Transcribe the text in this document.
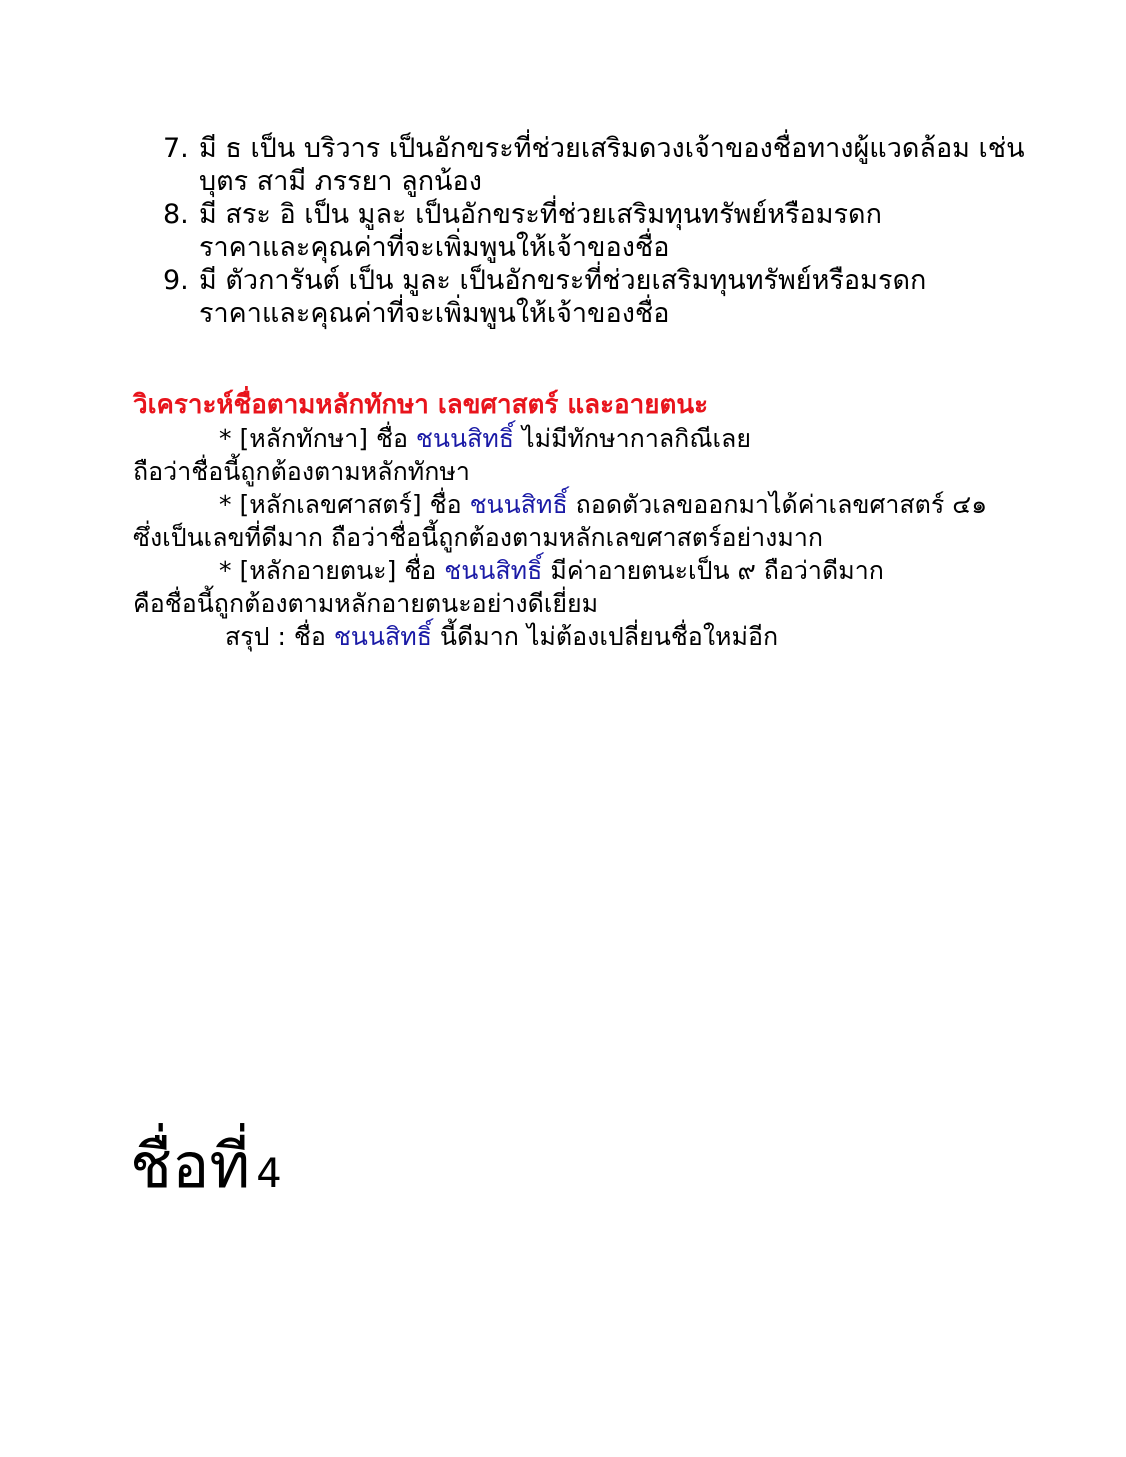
7. มี ธ เป็น บริวาร เป็นอักขระที่ช่วยเสริมดวงเจ้าของชื่อทางผู้แวดล้อม เช่น
บุตร สามี ภรรยา ลูกน้อง
8. มี สระ อิ เป็น มูละ เป็นอักขระที่ช่วยเสริมทุนทรัพย์หรือมรดก
ราคาและคุณค่าที่จะเพิ่มพูนให้เจ้าของชื่อ
9. มี ตัวการันต์ เป็น มูละ เป็นอักขระที่ช่วยเสริมทุนทรัพย์หรือมรดก
ราคาและคุณค่าที่จะเพิ่มพูนให้เจ้าของชื่อ
วิเคราะห์ชื่อตามหลักทักษา เลขศาสตร์ และอายตนะ
* [หลักทักษา] ชื่อ ชนนสิทธิ์ ไม่มีทักษากาลกิณีเลย
ถือว่าชื่อนี้ถูกต้องตามหลักทักษา
* [หลักเลขศาสตร์] ชื่อ ชนนสิทธิ์ ถอดตัวเลขออกมาได้ค่าเลขศาสตร์ ๔๑
ซึ่งเป็นเลขที่ดีมาก ถือว่าชื่อนี้ถูกต้องตามหลักเลขศาสตร์อย่างมาก
* [หลักอายตนะ] ชื่อ ชนนสิทธิ์ มีค่าอายตนะเป็น ๙ ถือว่าดีมาก
คือชื่อนี้ถูกต้องตามหลักอายตนะอย่างดีเยี่ยม
สรุป : ชื่อ ชนนสิทธิ์ นี้ดีมาก ไม่ต้องเปลี่ยนชื่อใหม่อีก
ชื่อที่ 4
